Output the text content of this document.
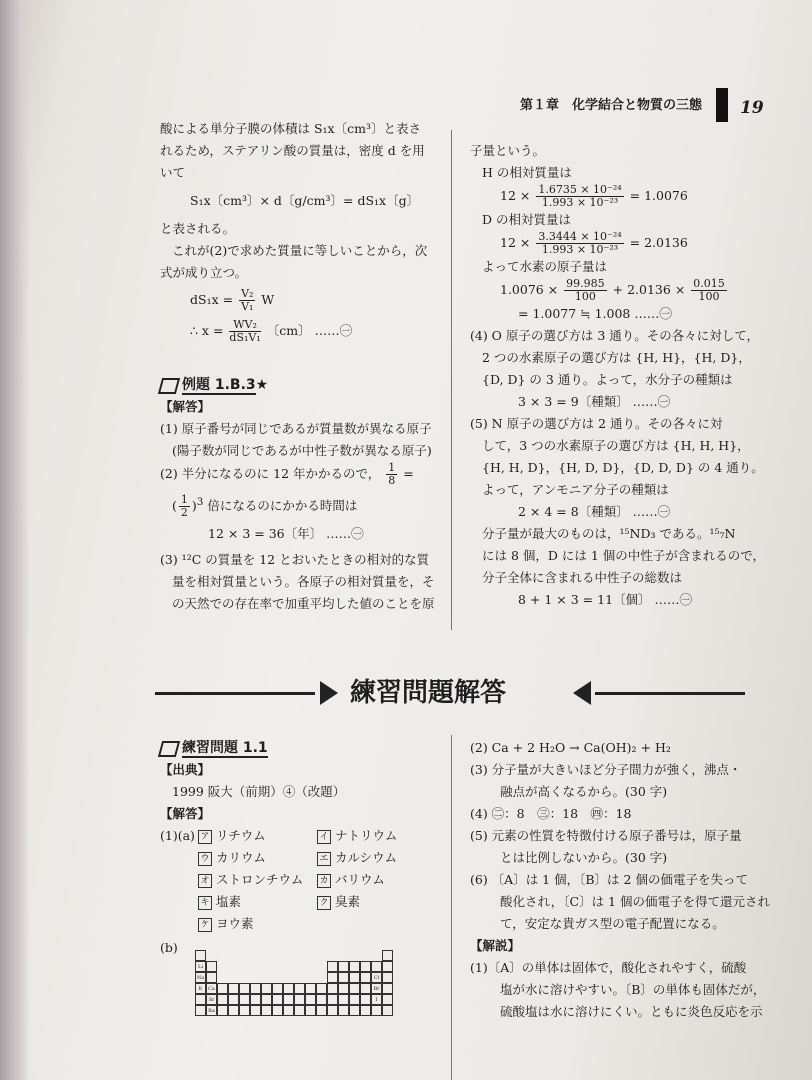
第１章　化学結合と物質の三態 19

酸による単分子膜の体積は S₁x〔cm³〕と表さ

れるため，ステアリン酸の質量は，密度 d を用

いて

S₁x〔cm³〕× d〔g/cm³〕= dS₁x〔g〕

と表される。

これが(2)で求めた質量に等しいことから，次

式が成り立つ。

$dS_1x = \frac{\text{V₂}}{\text{V₁}}$ W

∴ $x = \frac{\text{WV₂}}{\text{dS₁V₁}}$ 〔cm〕 ……㊀

例題 1.B.3★

【解答】

(1) 原子番号が同じであるが質量数が異なる原子

(陽子数が同じであるが中性子数が異なる原子)

(2) 半分になるのに 12 年かかるので， $\frac{1}{8}$ =

( $\frac{1}{2} )^3$ 倍になるのにかかる時間は

12 × 3 = 36〔年〕 ……㊀

(3) ¹²C の質量を 12 とおいたときの相対的な質

量を相対質量という。各原子の相対質量を，そ

の天然での存在率で加重平均した値のことを原

子量という。

H の相対質量は

$12 \times \frac{\text{1.6735 × 10⁻²⁴}}{\text{1.993 × 10⁻²³}} = 1.0076$

D の相対質量は

$12 \times \frac{\text{3.3444 × 10⁻²⁴}}{\text{1.993 × 10⁻²³}} = 2.0136$

よって水素の原子量は

$1.0076 \times \frac{99.985}{100} + 2.0136 \times \frac{0.015}{100}$

= 1.0077 ≒ 1.008 ……㊀

(4) O 原子の選び方は 3 通り。その各々に対して，

2 つの水素原子の選び方は {H, H}，{H, D}，

{D, D} の 3 通り。よって，水分子の種類は

3 × 3 = 9〔種類〕 ……㊀

(5) N 原子の選び方は 2 通り。その各々に対

して，3 つの水素原子の選び方は {H, H, H}，

{H, H, D}，{H, D, D}，{D, D, D} の 4 通り。

よって，アンモニア分子の種類は

2 × 4 = 8〔種類〕 ……㊀

分子量が最大のものは，¹⁵ND₃ である。¹⁵₇N

には 8 個，D には 1 個の中性子が含まれるので，

分子全体に含まれる中性子の総数は

8 + 1 × 3 = 11〔個〕 ……㊀

練習問題解答

練習問題 1.1

【出典】

1999 阪大（前期）④（改題）

【解答】

(1)(a) ア リチウム	イ ナトリウム

ウ カリウム	エ カルシウム

オ ストロンチウム カ バリウム

キ 塩素	ク 臭素

ケ ヨウ素

(b)

Li
Na	Cl
K	Ca	Br
Sr	I
Ba

(2) Ca + 2 H₂O → Ca(OH)₂ + H₂

(3) 分子量が大きいほど分子間力が強く，沸点・

融点が高くなるから。(30 字)

(4) ㊁：8　㊂：18　㊃：18

(5) 元素の性質を特徴付ける原子番号は，原子量

とは比例しないから。(30 字)

(6) 〔A〕は 1 個，〔B〕は 2 個の価電子を失って

酸化され，〔C〕は 1 個の価電子を得て還元され

て，安定な貴ガス型の電子配置になる。

【解説】

(1)〔A〕の単体は固体で，酸化されやすく，硫酸

塩が水に溶けやすい。〔B〕の単体も固体だが，

硫酸塩は水に溶けにくい。ともに炎色反応を示
